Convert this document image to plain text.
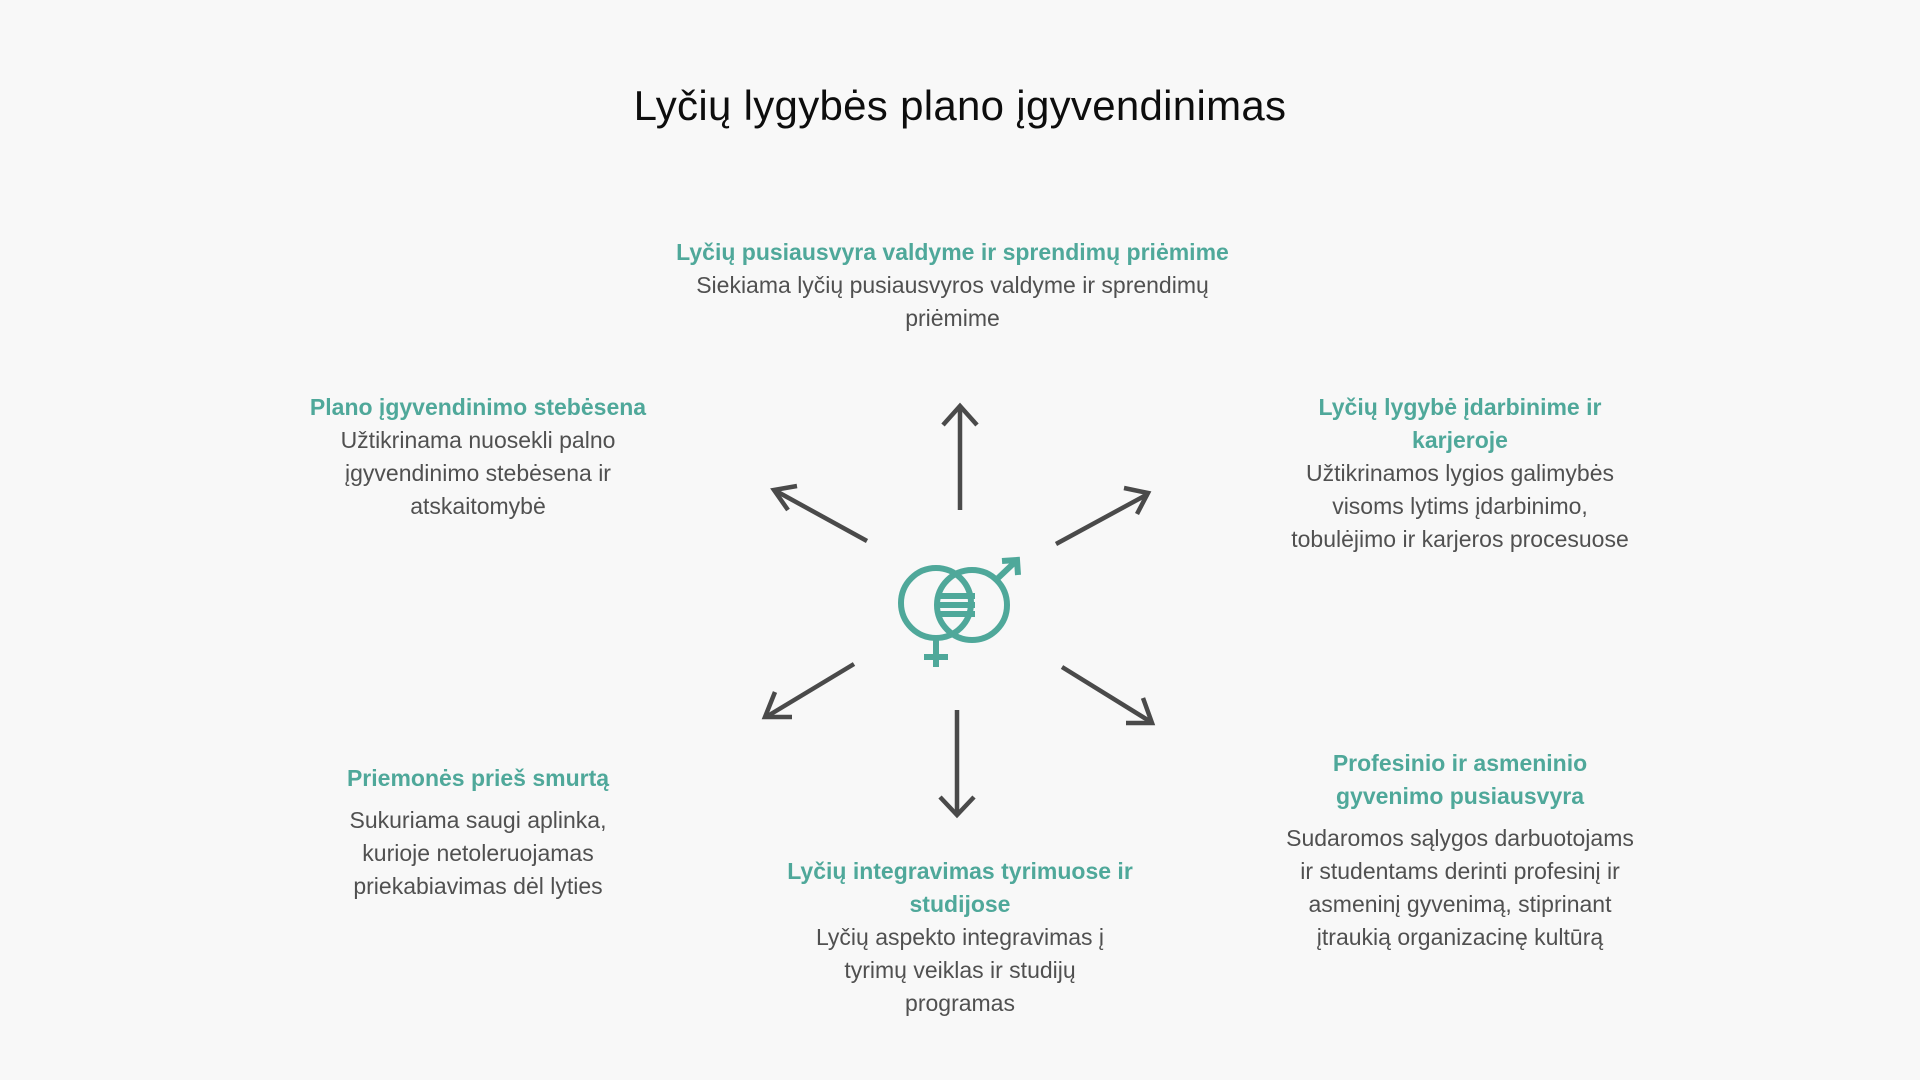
Lyčių lygybės plano įgyvendinimas
Lyčių pusiausvyra valdyme ir sprendimų priėmime
Siekiama lyčių pusiausvyros valdyme ir sprendimų
priėmime
Plano įgyvendinimo stebėsena
Užtikrinama nuosekli palno
įgyvendinimo stebėsena ir
atskaitomybė
Lyčių lygybė įdarbinime ir
karjeroje
Užtikrinamos lygios galimybės
visoms lytims įdarbinimo,
tobulėjimo ir karjeros procesuose
Priemonės prieš smurtą
Sukuriama saugi aplinka,
kurioje netoleruojamas
priekabiavimas dėl lyties
Lyčių integravimas tyrimuose ir
studijose
Lyčių aspekto integravimas į
tyrimų veiklas ir studijų
programas
Profesinio ir asmeninio
gyvenimo pusiausvyra
Sudaromos sąlygos darbuotojams
ir studentams derinti profesinį ir
asmeninį gyvenimą, stiprinant
įtraukią organizacinę kultūrą
